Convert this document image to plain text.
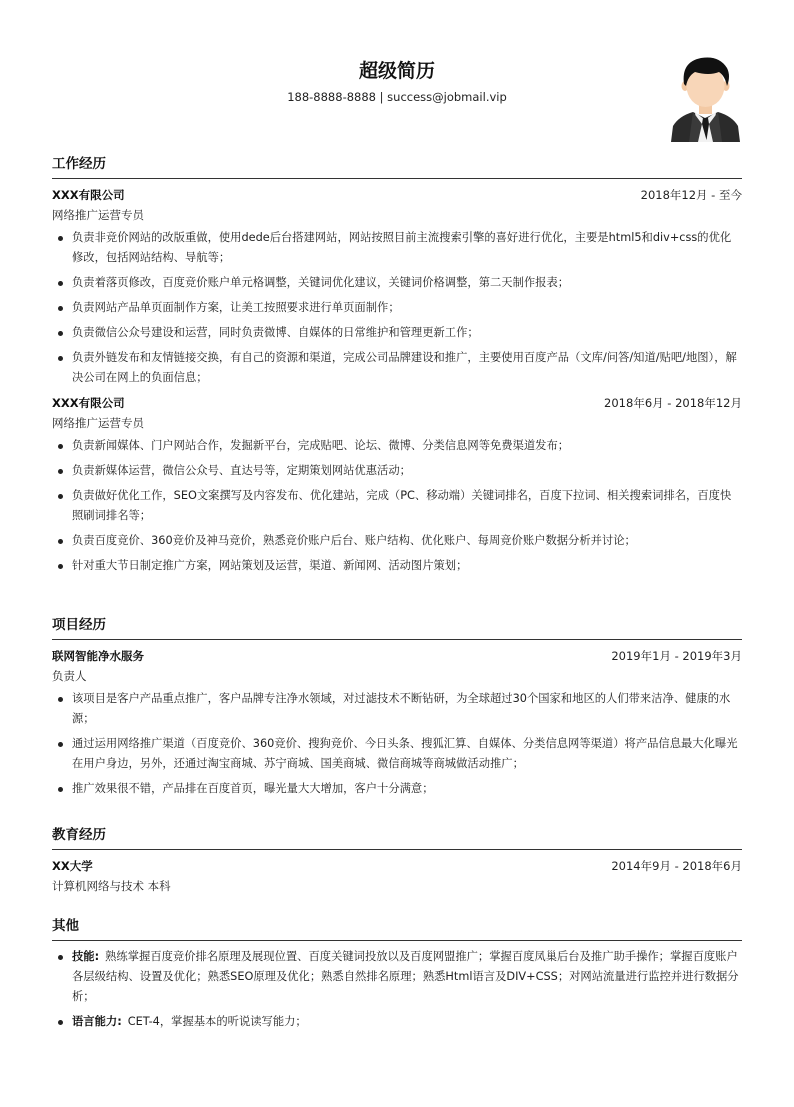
超级简历
188-8888-8888 | success@jobmail.vip
工作经历
XXX有限公司	2018年12月 - 至今
网络推广运营专员
负责非竞价网站的改版重做，使用dede后台搭建网站，网站按照目前主流搜索引擎的喜好进行优化，主要是html5和div+css的优化修改，包括网站结构、导航等；
负责着落页修改，百度竞价账户单元格调整，关键词优化建议，关键词价格调整，第二天制作报表；
负责网站产品单页面制作方案，让美工按照要求进行单页面制作；
负责微信公众号建设和运营，同时负责微博、自媒体的日常维护和管理更新工作；
负责外链发布和友情链接交换，有自己的资源和渠道，完成公司品牌建设和推广，主要使用百度产品（文库/问答/知道/贴吧/地图），解决公司在网上的负面信息；
XXX有限公司	2018年6月 - 2018年12月
网络推广运营专员
负责新闻媒体、门户网站合作，发掘新平台，完成贴吧、论坛、微博、分类信息网等免费渠道发布；
负责新媒体运营，微信公众号、直达号等，定期策划网站优惠活动；
负责做好优化工作，SEO文案撰写及内容发布、优化建站，完成（PC、移动端）关键词排名，百度下拉词、相关搜索词排名，百度快照刷词排名等；
负责百度竞价、360竞价及神马竞价，熟悉竞价账户后台、账户结构、优化账户、每周竞价账户数据分析并讨论；
针对重大节日制定推广方案，网站策划及运营，渠道、新闻网、活动图片策划；
项目经历
联网智能净水服务	2019年1月 - 2019年3月
负责人
该项目是客户产品重点推广，客户品牌专注净水领域，对过滤技术不断钻研，为全球超过30个国家和地区的人们带来洁净、健康的水源；
通过运用网络推广渠道（百度竞价、360竞价、搜狗竞价、今日头条、搜狐汇算、自媒体、分类信息网等渠道）将产品信息最大化曝光在用户身边，另外，还通过淘宝商城、苏宁商城、国美商城、微信商城等商城做活动推广；
推广效果很不错，产品排在百度首页，曝光量大大增加，客户十分满意；
教育经历
XX大学	2014年9月 - 2018年6月
计算机网络与技术 本科
其他
技能: 熟练掌握百度竞价排名原理及展现位置、百度关键词投放以及百度网盟推广；掌握百度凤巢后台及推广助手操作；掌握百度账户各层级结构、设置及优化；熟悉SEO原理及优化；熟悉自然排名原理；熟悉Html语言及DIV+CSS；对网站流量进行监控并进行数据分析；
语言能力: CET-4，掌握基本的听说读写能力；
